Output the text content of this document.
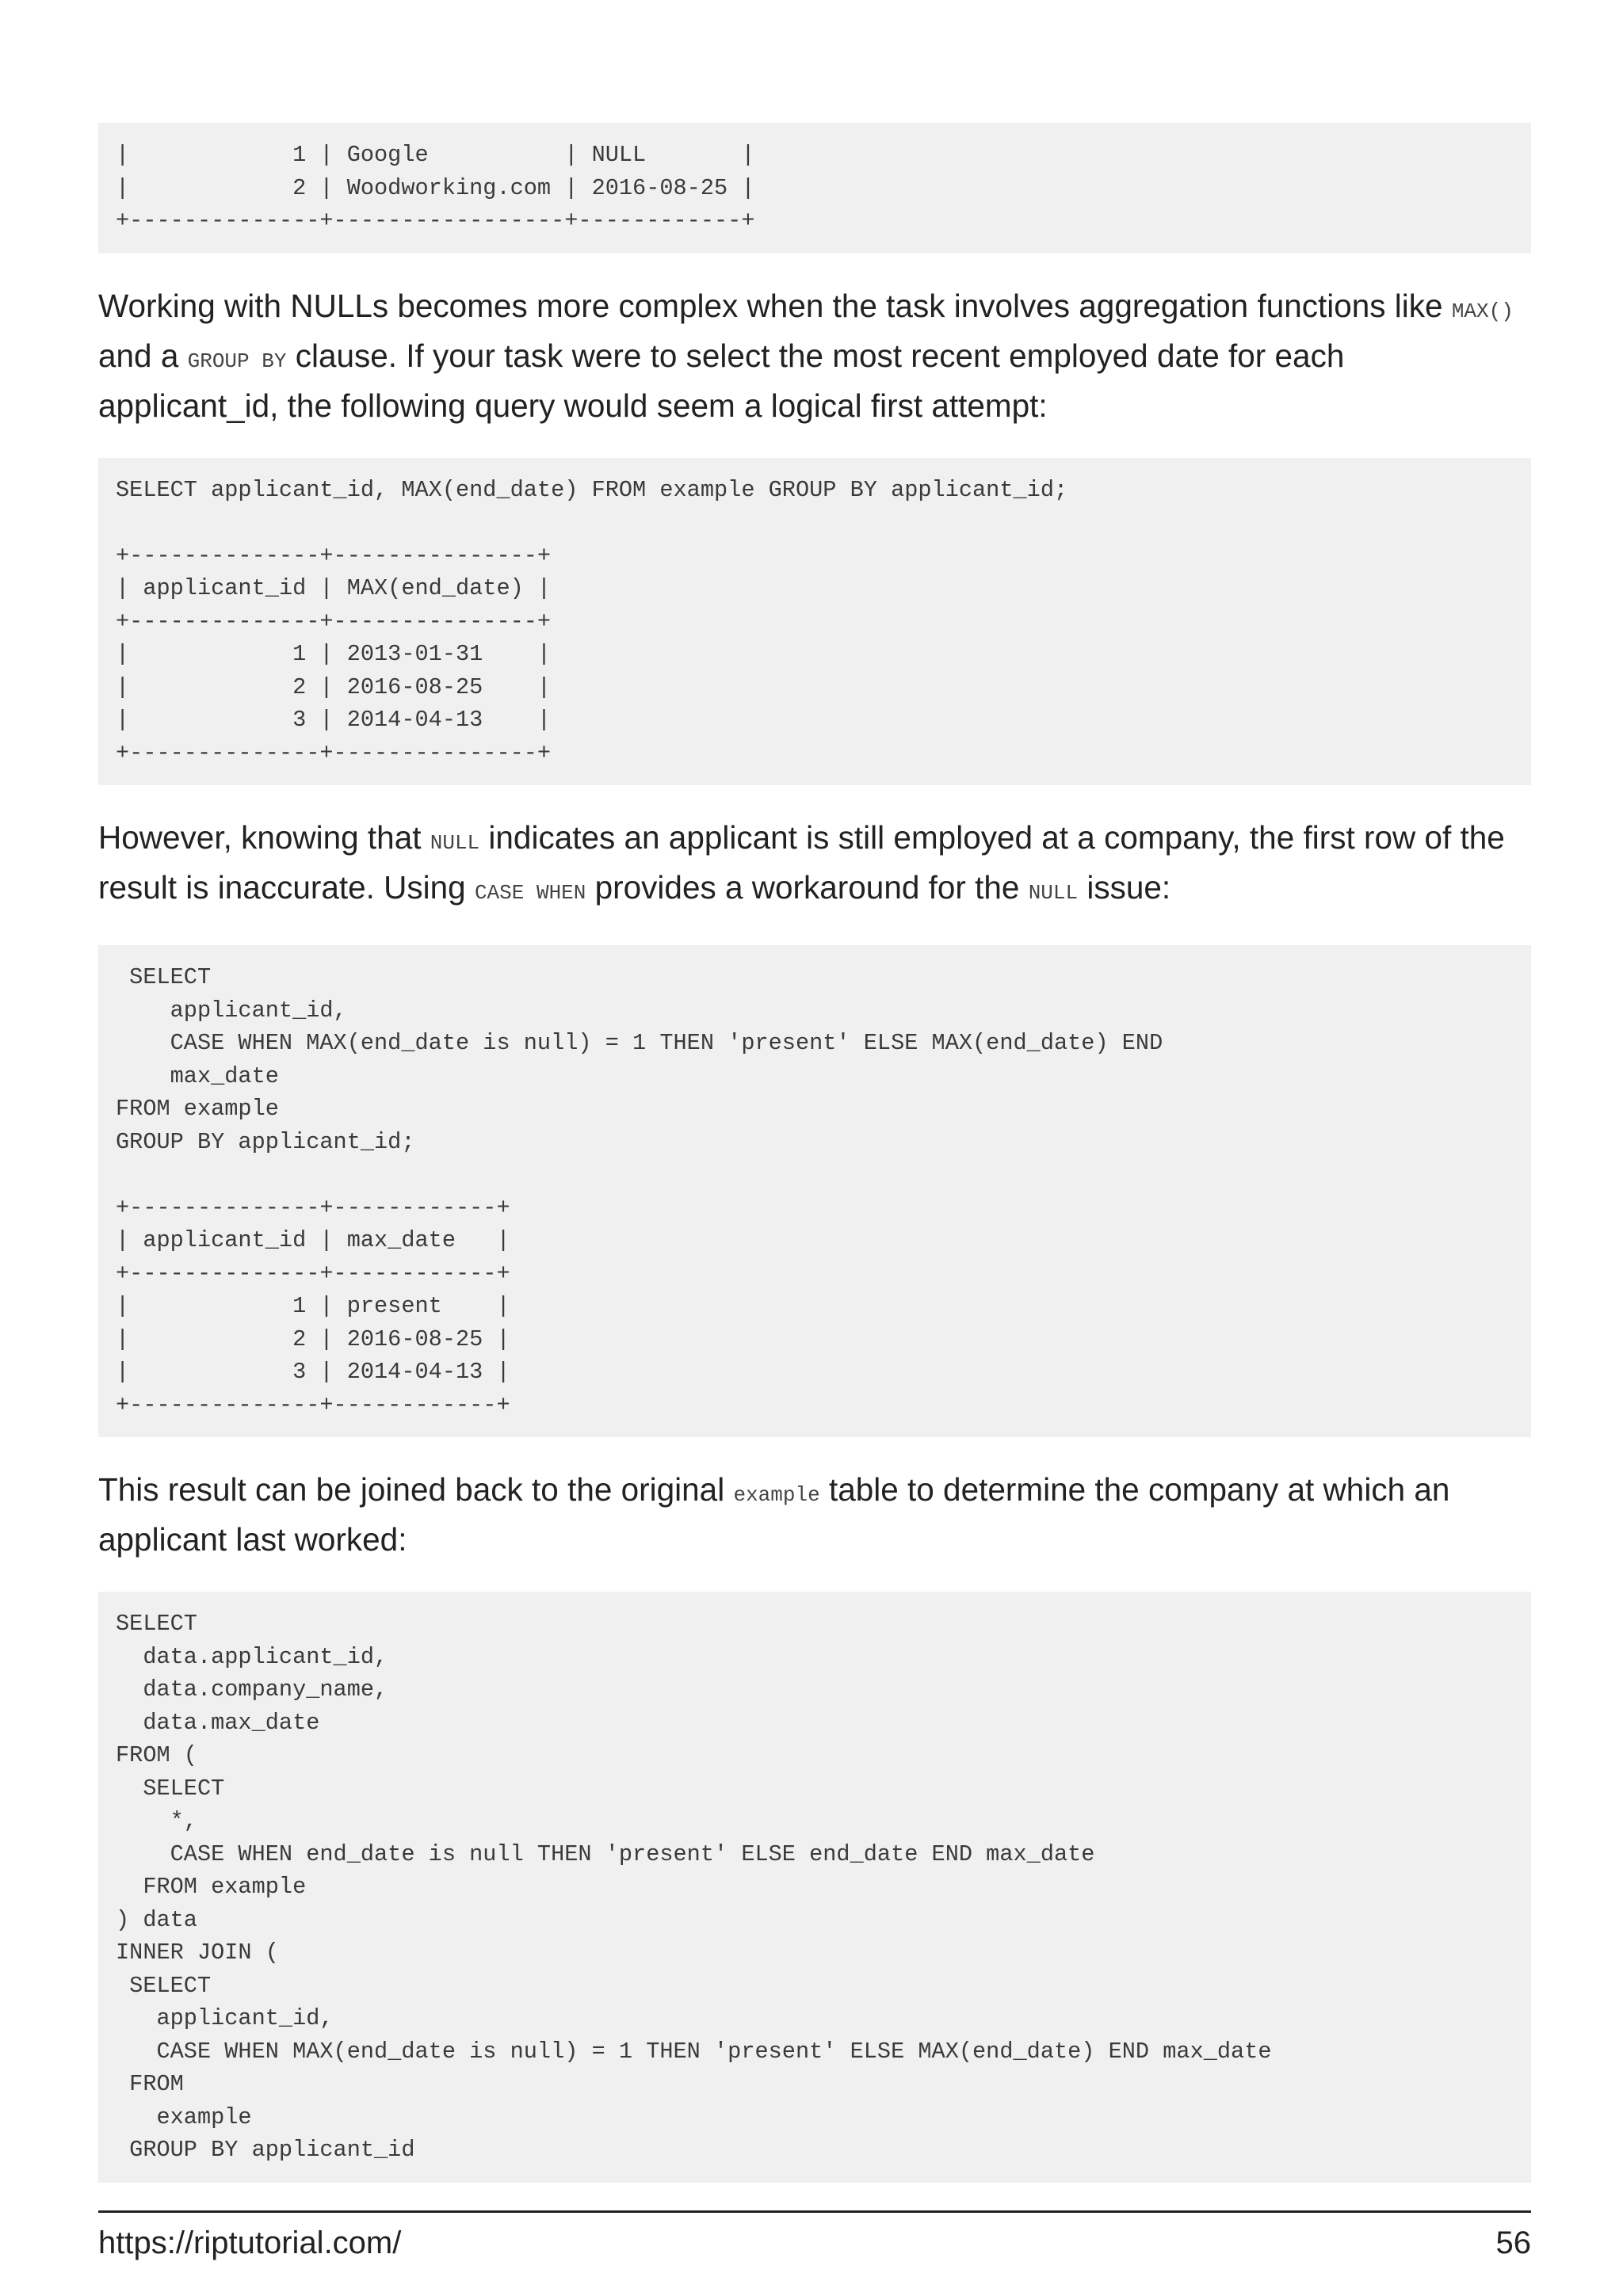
|            1 | Google          | NULL       |
|            2 | Woodworking.com | 2016-08-25 |
+--------------+-----------------+------------+

Working with NULLs becomes more complex when the task involves aggregation functions like MAX() and a GROUP BY clause. If your task were to select the most recent employed date for each applicant_id, the following query would seem a logical first attempt:

SELECT applicant_id, MAX(end_date) FROM example GROUP BY applicant_id;

+--------------+---------------+
| applicant_id | MAX(end_date) |
+--------------+---------------+
|            1 | 2013-01-31    |
|            2 | 2016-08-25    |
|            3 | 2014-04-13    |
+--------------+---------------+

However, knowing that NULL indicates an applicant is still employed at a company, the first row of the result is inaccurate. Using CASE WHEN provides a workaround for the NULL issue:

SELECT
applicant_id,
CASE WHEN MAX(end_date is null) = 1 THEN 'present' ELSE MAX(end_date) END
max_date
FROM example
GROUP BY applicant_id;

+--------------+------------+
| applicant_id | max_date   |
+--------------+------------+
|            1 | present    |
|            2 | 2016-08-25 |
|            3 | 2014-04-13 |
+--------------+------------+

This result can be joined back to the original example table to determine the company at which an applicant last worked:

SELECT
data.applicant_id,
data.company_name,
data.max_date
FROM (
SELECT
*,
CASE WHEN end_date is null THEN 'present' ELSE end_date END max_date
FROM example
) data
INNER JOIN (
SELECT
applicant_id,
CASE WHEN MAX(end_date is null) = 1 THEN 'present' ELSE MAX(end_date) END max_date
FROM
example
GROUP BY applicant_id
https://riptutorial.com/	56
